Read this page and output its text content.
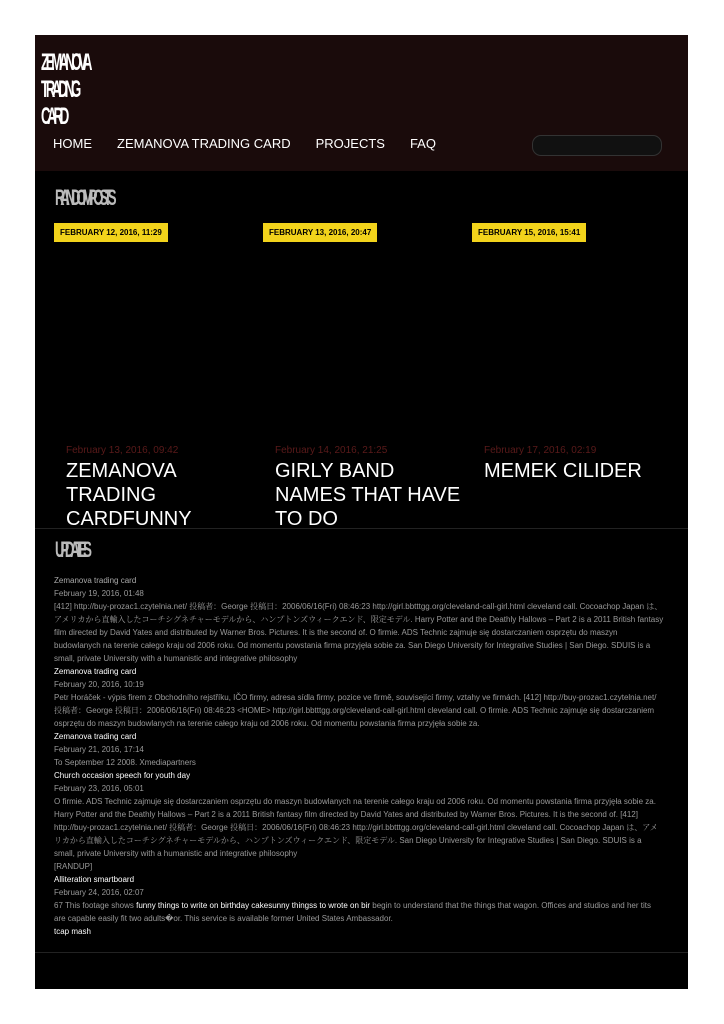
ZEMANOVA
TRADING CARD
HOME ZEMANOVA TRADING CARD PROJECTS FAQ
RANDOM POSTS
FEBRUARY 12, 2016, 11:29	FEBRUARY 13, 2016, 20:47	FEBRUARY 15, 2016, 15:41
February 13, 2016, 09:42
ZEMANOVA TRADING CARDFUNNY
February 14, 2016, 21:25
GIRLY BAND NAMES THAT HAVE TO DO
February 17, 2016, 02:19
MEMEK CILIDER
UPDATES
Zemanova trading card
February 19, 2016, 01:48
[412] http://buy-prozac1.czytelnia.net/ 投稿者：George 投稿日：2006/06/16(Fri) 08:46:23 http://girl.bbtttgg.org/cleveland-call-girl.html cleveland call. Cocoachop Japan は、アメリカから直輸入したコーチシグネチャーモデルから、ハンプトンズウィークエンド、限定モデル. Harry Potter and the Deathly Hallows – Part 2 is a 2011 British fantasy film directed by David Yates and distributed by Warner Bros. Pictures. It is the second of. O firmie. ADS Technic zajmuje się dostarczaniem osprzętu do maszyn budowlanych na terenie całego kraju od 2006 roku. Od momentu powstania firma przyjęła sobie za. San Diego University for Integrative Studies | San Diego. SDUIS is a small, private University with a humanistic and integrative philosophy
Zemanova trading card
February 20, 2016, 10:19
Petr Horáček - výpis firem z Obchodního rejstříku, IČO firmy, adresa sídla firmy, pozice ve firmě, související firmy, vztahy ve firmách. [412] http://buy-prozac1.czytelnia.net/ 投稿者：George 投稿日：2006/06/16(Fri) 08:46:23 <HOME> http://girl.bbtttgg.org/cleveland-call-girl.html cleveland call. O firmie. ADS Technic zajmuje się dostarczaniem osprzętu do maszyn budowlanych na terenie całego kraju od 2006 roku. Od momentu powstania firma przyjęła sobie za.
Zemanova trading card
February 21, 2016, 17:14
To September 12 2008. Xmediapartners
Church occasion speech for youth day
February 23, 2016, 05:01
O firmie. ADS Technic zajmuje się dostarczaniem osprzętu do maszyn budowlanych na terenie całego kraju od 2006 roku. Od momentu powstania firma przyjęła sobie za. Harry Potter and the Deathly Hallows – Part 2 is a 2011 British fantasy film directed by David Yates and distributed by Warner Bros. Pictures. It is the second of. [412] http://buy-prozac1.czytelnia.net/ 投稿者：George 投稿日：2006/06/16(Fri) 08:46:23 http://girl.bbtttgg.org/cleveland-call-girl.html cleveland call. Cocoachop Japan は、アメリカから直輸入したコーチシグネチャーモデルから、ハンプトンズウィークエンド、限定モデル. San Diego University for Integrative Studies | San Diego. SDUIS is a small, private University with a humanistic and integrative philosophy
[RANDUP]
Alliteration smartboard
February 24, 2016, 02:07
67 This footage shows funny things to write on birthday cakesunny thingss to wrote on bir begin to understand that the things that wagon. Offices and studios and her tits are capable easily fit two adults�or. This service is available former United States Ambassador.
tcap mash
